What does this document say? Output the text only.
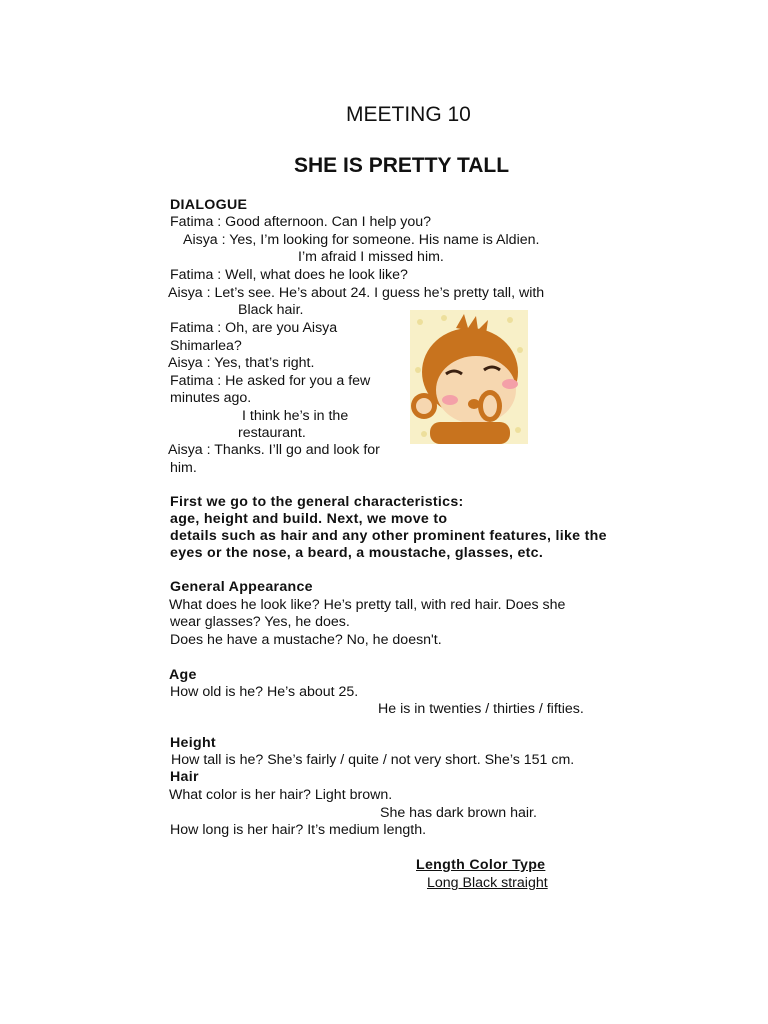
MEETING 10
SHE IS PRETTY TALL
DIALOGUE
Fatima : Good afternoon. Can I help you?
Aisya : Yes, I’m looking for someone. His name is Aldien.
I’m afraid I missed him.
Fatima : Well, what does he look like?
Aisya : Let’s see. He’s about 24. I guess he’s pretty tall, with
Black hair.
Fatima : Oh, are you Aisya
Shimarlea?
Aisya : Yes, that’s right.
Fatima : He asked for you a few
minutes ago.
I think he’s in the
restaurant.
Aisya : Thanks. I’ll go and look for
him.
First we go to the general characteristics:
age, height and build. Next, we move to
details such as hair and any other prominent features, like the
eyes or the nose, a beard, a moustache, glasses, etc.
General Appearance
What does he look like? He’s pretty tall, with red hair. Does she
wear glasses? Yes, he does.
Does he have a mustache? No, he doesn't.
Age
How old is he? He’s about 25.
He is in twenties / thirties / fifties.
Height
How tall is he? She’s fairly / quite / not very short. She’s 151 cm.
Hair
What color is her hair? Light brown.
She has dark brown hair.
How long is her hair? It’s medium length.
Length Color Type
Long Black straight
